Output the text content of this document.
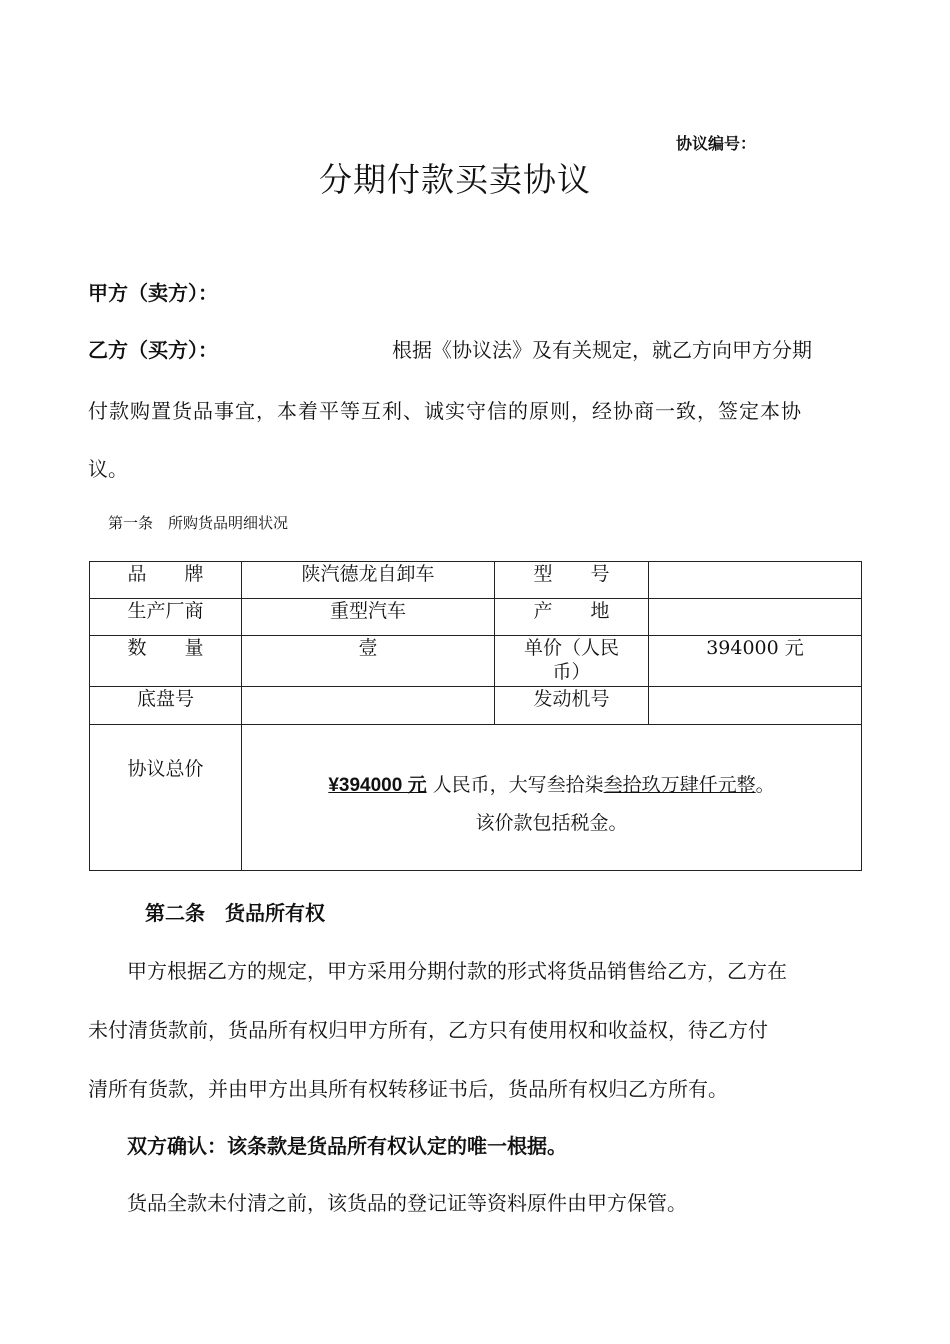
协议编号：
分期付款买卖协议
甲方（卖方）：
乙方（买方）：	根据《协议法》及有关规定，就乙方向甲方分期
付款购置货品事宜，本着平等互利、诚实守信的原则，经协商一致，签定本协
议。
第一条　所购货品明细状况
品　　牌	陕汽德龙自卸车	型　　号	
生产厂商	重型汽车	产　　地	
数　　量	壹	单价（人民币）	394000 元
底盘号		发动机号	
协议总价	¥394000 元 人民币，大写叁拾柒叁拾玖万肆仟元整。
该价款包括税金。		
第二条　货品所有权
甲方根据乙方的规定，甲方采用分期付款的形式将货品销售给乙方，乙方在
未付清货款前，货品所有权归甲方所有，乙方只有使用权和收益权，待乙方付
清所有货款，并由甲方出具所有权转移证书后，货品所有权归乙方所有。
双方确认：该条款是货品所有权认定的唯一根据。
货品全款未付清之前，该货品的登记证等资料原件由甲方保管。
